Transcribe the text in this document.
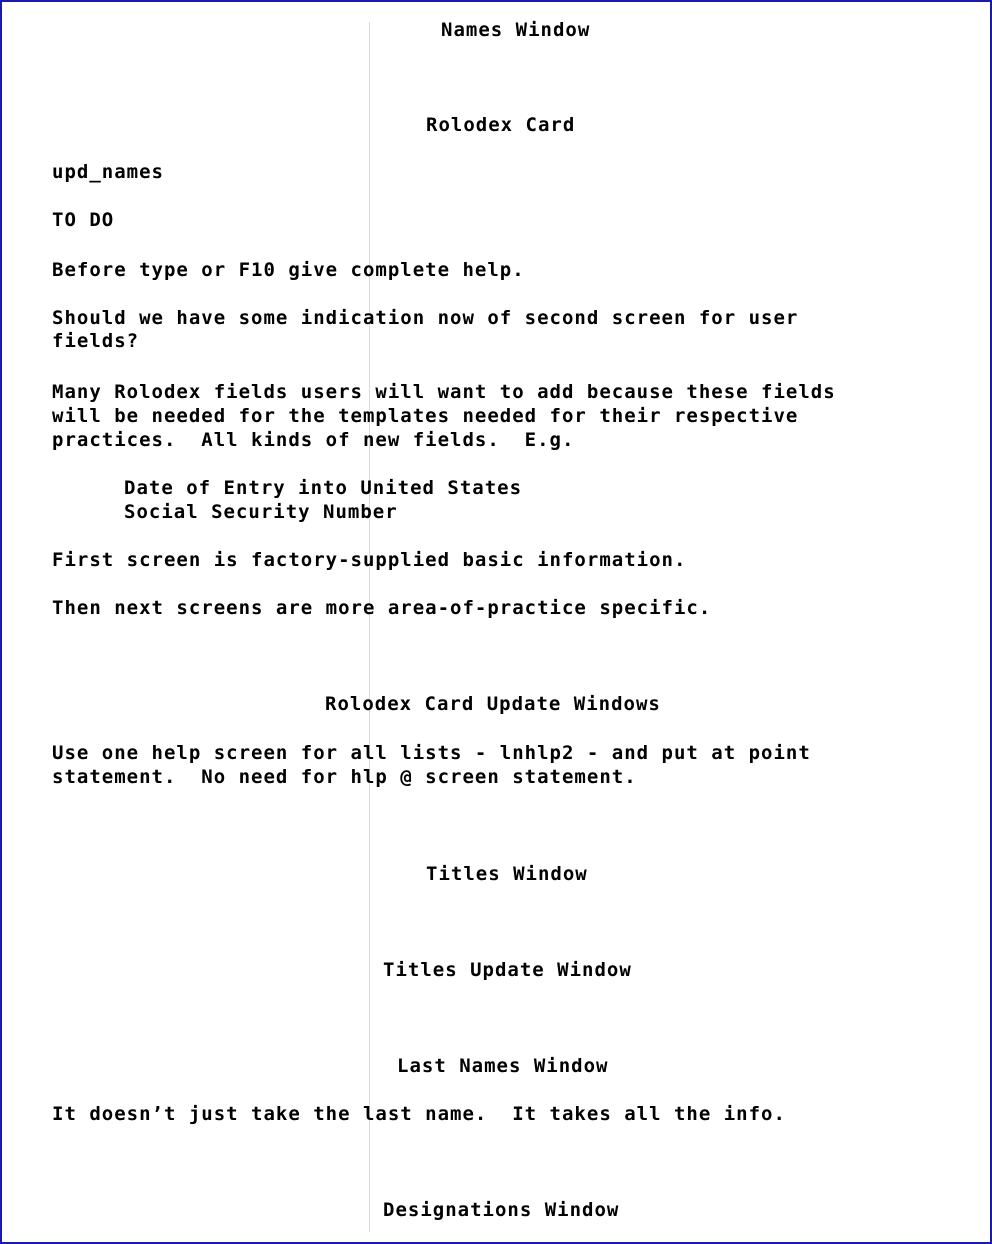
Names Window
Rolodex Card
upd_names
TO DO
Before type or F10 give complete help.
Should we have some indication now of second screen for user
fields?
Many Rolodex fields users will want to add because these fields
will be needed for the templates needed for their respective
practices.  All kinds of new fields.  E.g.
Date of Entry into United States
Social Security Number
First screen is factory-supplied basic information.
Then next screens are more area-of-practice specific.
Rolodex Card Update Windows
Use one help screen for all lists - lnhlp2 - and put at point
statement.  No need for hlp @ screen statement.
Titles Window
Titles Update Window
Last Names Window
It doesn’t just take the last name.  It takes all the info.
Designations Window
